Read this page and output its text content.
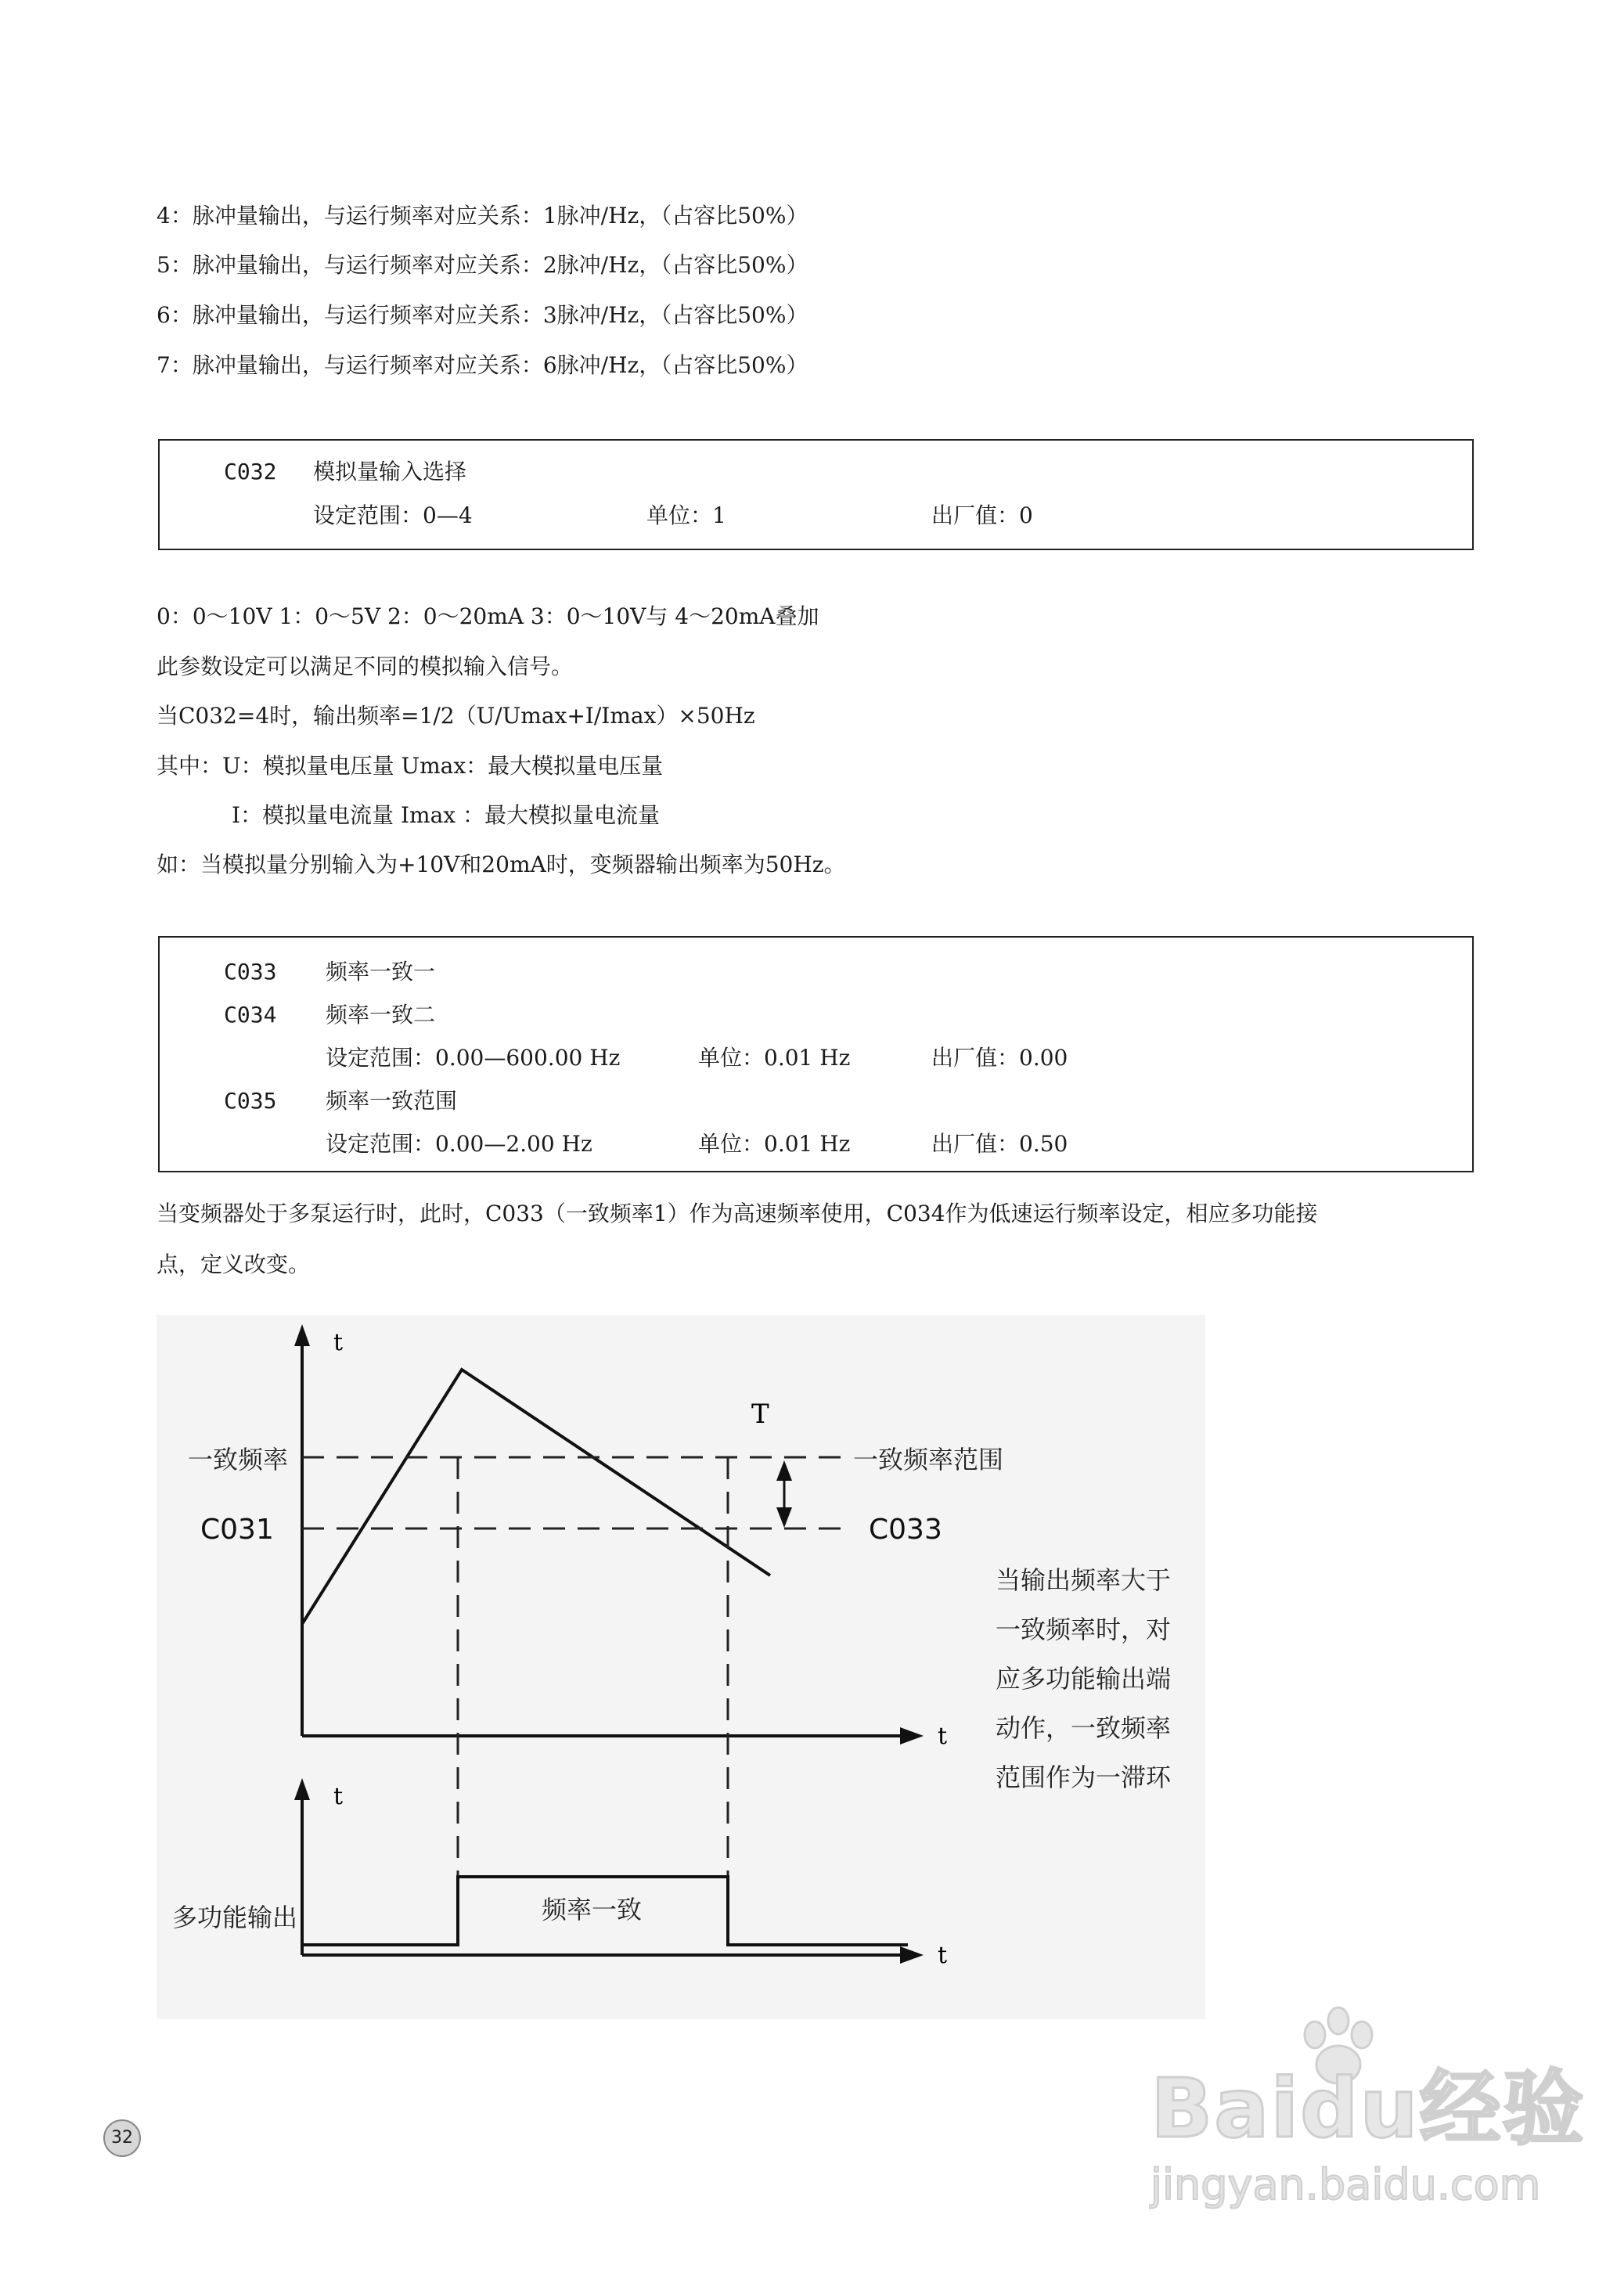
4：脉冲量输出，与运行频率对应关系：1脉冲/Hz，（占容比50%）
5：脉冲量输出，与运行频率对应关系：2脉冲/Hz，（占容比50%）
6：脉冲量输出，与运行频率对应关系：3脉冲/Hz，（占容比50%）
7：脉冲量输出，与运行频率对应关系：6脉冲/Hz，（占容比50%）
C032 模拟量输入选择
设定范围：0—4	单位：1	出厂值：0
0：0～10V 1：0～5V 2：0～20mA 3：0～10V与 4～20mA叠加
此参数设定可以满足不同的模拟输入信号。
当C032=4时，输出频率=1/2（U/Umax+I/Imax）×50Hz
其中：U：模拟量电压量 Umax：最大模拟量电压量
I：模拟量电流量 Imax ：最大模拟量电流量
如：当模拟量分别输入为+10V和20mA时，变频器输出频率为50Hz。
C033 频率一致一
C034 频率一致二
设定范围：0.00—600.00 Hz	单位：0.01 Hz	出厂值：0.00
C035 频率一致范围
设定范围：0.00—2.00 Hz	单位：0.01 Hz	出厂值：0.50
当变频器处于多泵运行时，此时，C033（一致频率1）作为高速频率使用，C034作为低速运行频率设定，相应多功能接
点，定义改变。
t
t
T
一致频率
C031
一致频率范围
C033
当输出频率大于
一致频率时，对
应多功能输出端
动作，一致频率
范围作为一滞环
t
t
多功能输出	频率一致
32	Baidu经验
jingyan.baidu.com
